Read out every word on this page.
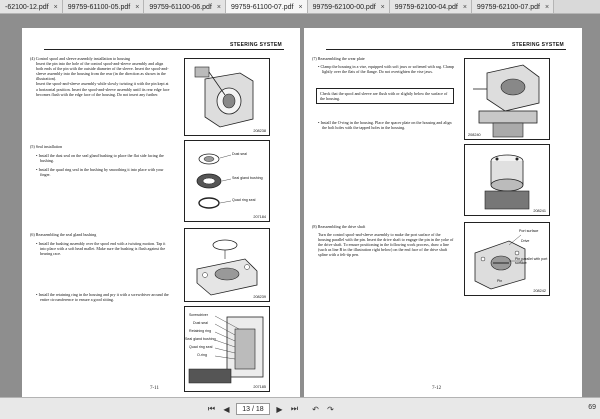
-62100-12.pdf × 99759-61100-05.pdf × 99759-61100-06.pdf × 99759-61100-07.pdf × 99759-62100-00.pdf × 99759-62100-04.pdf × 99759-62100-07.pdf ×
STEERING SYSTEM

(4) Control spool and sleeve assembly installation to housing

Insert the pin into the hole of the control spool-and-sleeve assembly and align both ends of the pin with the outside diameter of the sleeve. Insert the spool-and-sleeve assembly into the housing from the rear (in the direction as shown in the illustration).

Insert the spool-and-sleeve assembly while slowly twisting it with the pin kept at a horizontal position. Insert the spool-and-sleeve assembly until its rear edge face becomes flush with the edge face of the housing. Do not insert any further.

208238

(5) Seal installation

• Install the dust seal on the seal gland bushing to place the flat side facing the bushing.

• Install the quad ring seal in the bushing by smoothing it into place with your finger.

Dust seal
Seal gland bushing
Quad ring seal
207184

(6) Reassembling the seal gland bushing

• Install the bushing assembly over the spool end with a twisting motion. Tap it into place with a soft head mallet. Make sure the bushing is flush against the bearing race.

• Install the retaining ring in the housing and pry it with a screwdriver around the entire circumference to ensure a good sitting.

208239
Screwdriver
Dust seal
Retaining ring
Seal gland bushing
Quad ring seal
O-ring
207185
7-11
STEERING SYSTEM

(7) Reassembling the wear plate

• Clamp the housing in a vise, equipped with soft jaws or softened with rag. Clamp lightly over the flats of the flange. Do not overtighten the vise jaws.

Check that the spool and sleeve are flush with or slightly below the surface of the housing.

• Install the O-ring in the housing. Place the spacer plate on the housing and align the bolt holes with the tapped holes in the housing.

208240
208241

(8) Reassembling the drive shaft

Turn the control spool-and-sleeve assembly to make the port surface of the housing parallel with the pin. Insert the drive shaft to engage the pin in the yoke of the drive shaft. To ensure positioning in the following work process, draw a line (such as line B in the illustration right below) on the end face of the drive shaft spline with a felt-tip pen.

Port surface
Drive
Pin parallel with port surface
Pin
208242
7-12
⏮	◀	13 / 18	▶	⏭ ↶ ↷	69
